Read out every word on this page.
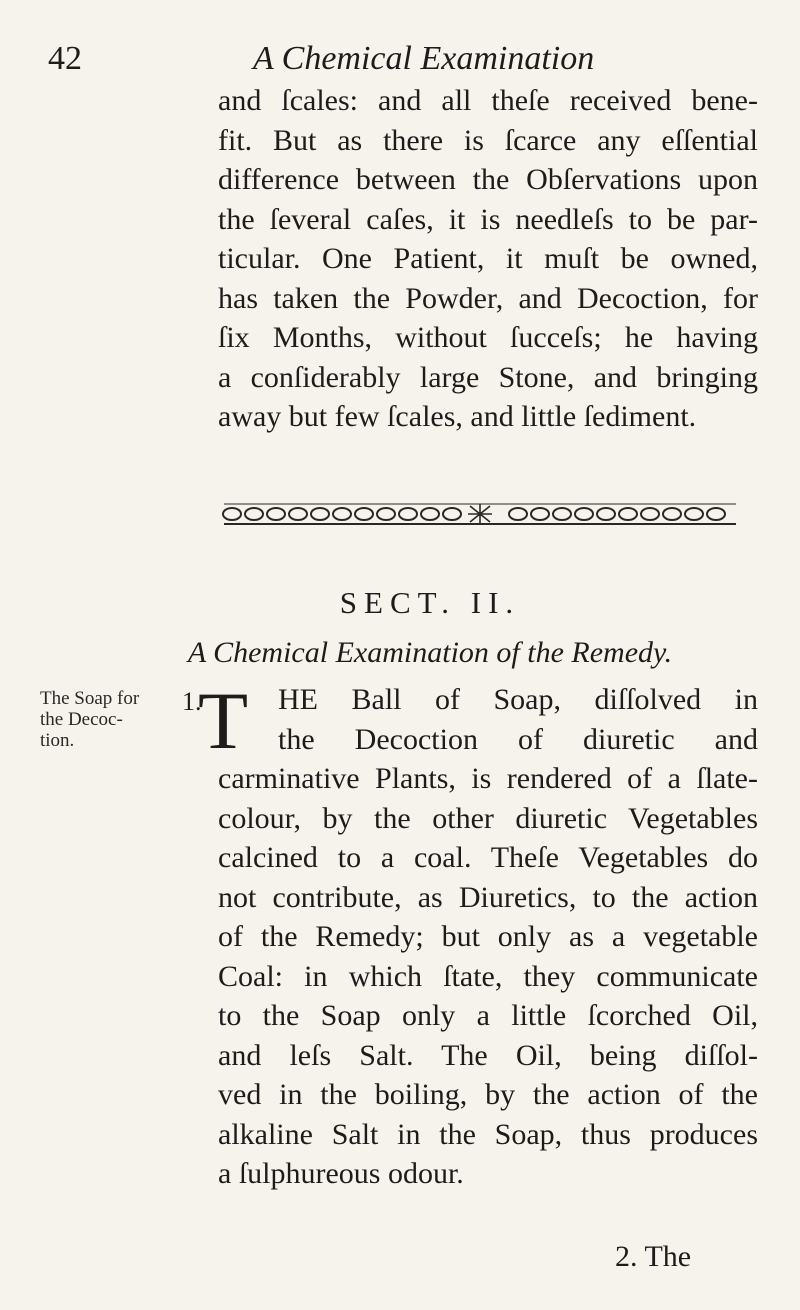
42	A Chemical Examination
and ſcales: and all theſe received bene-
fit. But as there is ſcarce any eſſential
difference between the Obſervations upon
the ſeveral caſes, it is needleſs to be par-
ticular. One Patient, it muſt be owned,
has taken the Powder, and Decoction, for
ſix Months, without ſucceſs; he having
a conſiderably large Stone, and bringing
away but few ſcales, and little ſediment.
SECT. II.
A Chemical Examination of the Remedy.
The Soap for
the Decoc-
tion.
1.
T HE Ball of Soap, diſſolved in
the Decoction of diuretic and
carminative Plants, is rendered of a ſlate-
colour, by the other diuretic Vegetables
calcined to a coal. Theſe Vegetables do
not contribute, as Diuretics, to the action
of the Remedy; but only as a vegetable
Coal: in which ſtate, they communicate
to the Soap only a little ſcorched Oil,
and leſs Salt. The Oil, being diſſol-
ved in the boiling, by the action of the
alkaline Salt in the Soap, thus produces
a ſulphureous odour.
2. The
